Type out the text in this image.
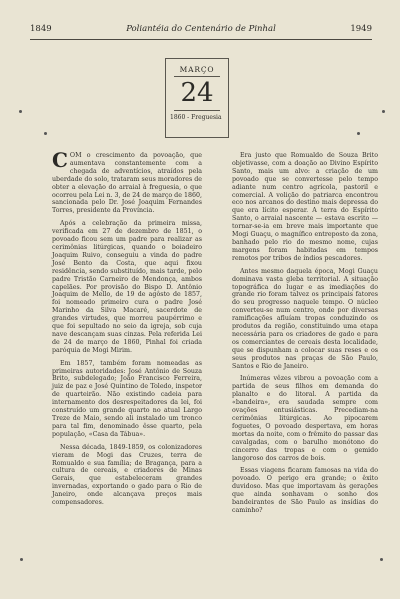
1849	Poliantéia do Centenário de Pinhal	1949
MARÇO
24
1860 - Freguesia

COM o crescimento da povoação, que aumentava constantemente com a chegada de adventícios, atraídos pela uberdade do solo, trataram seus moradores de obter a elevação do arraial à freguesia, o que ocorreu pela Lei n. 3, de 24 de março de 1860, sancionada pelo Dr. José Joaquim Fernandes Torres, presidente da Província.

Após a celebração da primeira missa, verificada em 27 de dezembro de 1851, o povoado ficou sem um padre para realizar as cerimônias litúrgicas, quando o boiadeiro Joaquim Ruivo, conseguiu a vinda do padre José Bento da Costa, que aqui fixou residência, sendo substituído, mais tarde, pelo padre Tristão Carneiro de Mendonça, ambos capelães. Por provisão do Bispo D. Antônio Joaquim de Mello, de 19 de agôsto de 1857, foi nomeado primeiro cura o padre José Marinho da Silva Macaré, sacerdote de grandes virtudes, que morreu paupérrimo e que foi sepultado no seio da igreja, sob cuja nave descançam suas cinzas. Pela referida Lei de 24 de março de 1860, Pinhal foi criada paróquia de Mogi Mirim.

Em 1857, também foram nomeadas as primeiras autoridades: José Antônio de Souza Brito, subdelegado; João Francisco Ferreira, juiz de paz e José Quintino de Toledo, inspetor de quarteirão. Não existindo cadeia para internamento dos desrespeitadores da lei, foi construído um grande quarto no atual Largo Treze de Maio, sendo ali instalado um tronco para tal fim, denominado êsse quarto, pela população, «Casa da Tábua».

Nessa década, 1849-1859, os colonizadores vieram de Mogi das Cruzes, terra de Romualdo e sua família; de Bragança, para a cultura de cereais, e criadores de Minas Gerais, que estabeleceram grandes invernadas, exportando o gado para o Rio de Janeiro, onde alcançava preços mais compensadores.

Era justo que Romualdo de Souza Brito objetivasse, com a doação ao Divino Espírito Santo, mais um alvo: a criação de um povoado que se convertesse pelo tempo adiante num centro agrícola, pastoril e comercial. A volição do patriarca encontrou eco nos arcanos do destino mais depressa do que era lícito esperar. A terra do Espírito Santo, o arraial nascente — estava escrito — tornar-se-ia em breve mais importante que Mogi Guaçu, o magnífico entreposto da zona, banhado pelo rio do mesmo nome, cujas margens foram habitadas em tempos remotos por tribos de índios pescadores.

Antes mesmo daquela época, Mogi Guaçu dominava vasta gleba territorial. A situação topográfica do lugar e as imediações do grande rio foram talvez os principais fatores do seu progresso naquele tempo. O núcleo converteu-se num centro, onde por diversas ramificações afluíam tropas conduzindo os produtos da região, constituindo uma etapa necessária para os criadores de gado e para os comerciantes de cereais desta localidade, que se dispunham a colocar suas reses e os seus produtos nas praças de São Paulo, Santos e Rio de Janeiro.

Inúmeras vêzes vibrou a povoação com a partida de seus filhos em demanda do planalto e do litoral. A partida da «bandeira», era saudada sempre com ovações entusiásticas. Precediam-na cerimônias litúrgicas. Ao pipocarem foguetes, O povoado despertava, em horas mortas da noite, com o frêmito do passar das cavalgadas, com o barulho monótono do cincerro das tropas e com o gemido langoroso dos carros de bois.

Essas viagens ficaram famosas na vida do povoado. O perigo era grande; o êxito duvidoso. Mas que importavam às gerações que ainda sonhavam o sonho dos bandeirantes de São Paulo as insídias do caminho?
